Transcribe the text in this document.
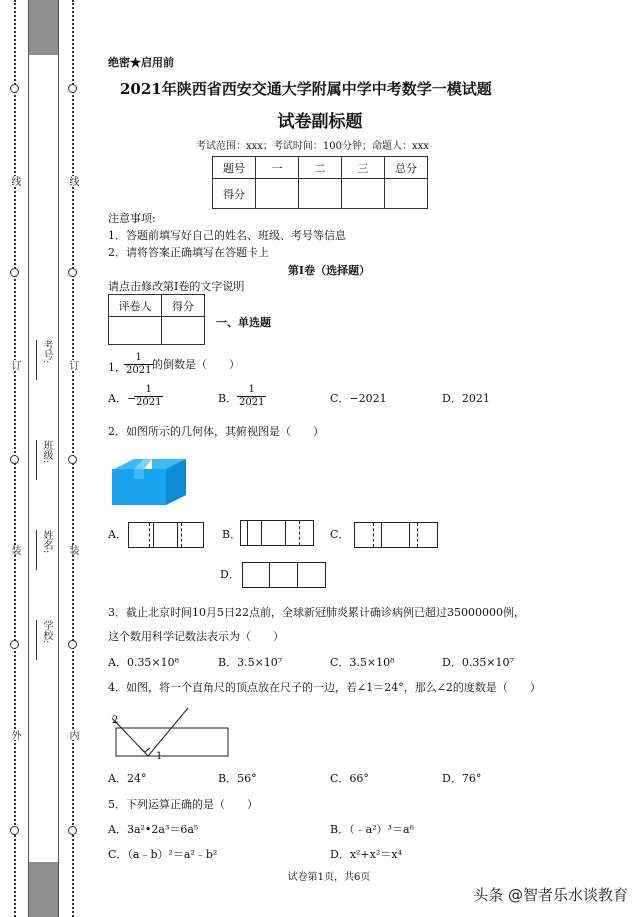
线
订
装
外
线
订
装
内
学校:
姓名:
班级:
考号:
绝密★启用前
2021年陕西省西安交通大学附属中学中考数学一模试题
试卷副标题
考试范围：xxx；考试时间：100分钟；命题人：xxx
题号	一	二	三	总分
得分				
注意事项:
1．答题前填写好自己的姓名、班级、考号等信息
2．请将答案正确填写在答题卡上
第I卷（选择题）
请点击修改第I卷的文字说明
评卷人	得分

一、单选题
1．
$\frac{1}{2021}$
的倒数是（　　）
A． −
$\frac{1}{2021}$	B． $\frac{1}{2021}$	C．−2021	D．2021
2．如图所示的几何体，其俯视图是（　　）
A．	B．	C．
D．
3．截止北京时间10月5日22点前，全球新冠肺炎累计确诊病例已超过35000000例，
这个数用科学记数法表示为（　　）
A．0.35×10⁸	B．3.5×10⁷	C．3.5×10⁸	D．0.35×10⁷
4．如图，将一个直角尺的顶点放在尺子的一边，若∠1＝24°，那么∠2的度数是（　　）
2
1
A．24°	B．56°	C．66°	D．76°
5．下列运算正确的是（　　）
A．3a²•2a³＝6a⁵	B．（﹣a²）³＝a⁶
C．（a﹣b）²＝a²﹣b²	D．x²+x²＝x⁴
试卷第1页，共6页
头条 @智者乐水谈教育
